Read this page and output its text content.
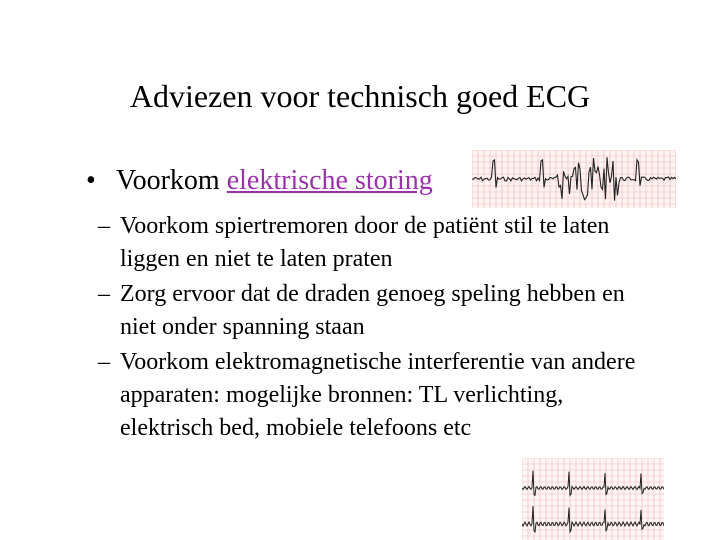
Adviezen voor technisch goed ECG
• Voorkom elektrische storing
– Voorkom spiertremoren door de patiënt stil te laten liggen en niet te laten praten
– Zorg ervoor dat de draden genoeg speling hebben en niet onder spanning staan
– Voorkom elektromagnetische interferentie van andere apparaten: mogelijke bronnen: TL verlichting, elektrisch bed, mobiele telefoons etc
